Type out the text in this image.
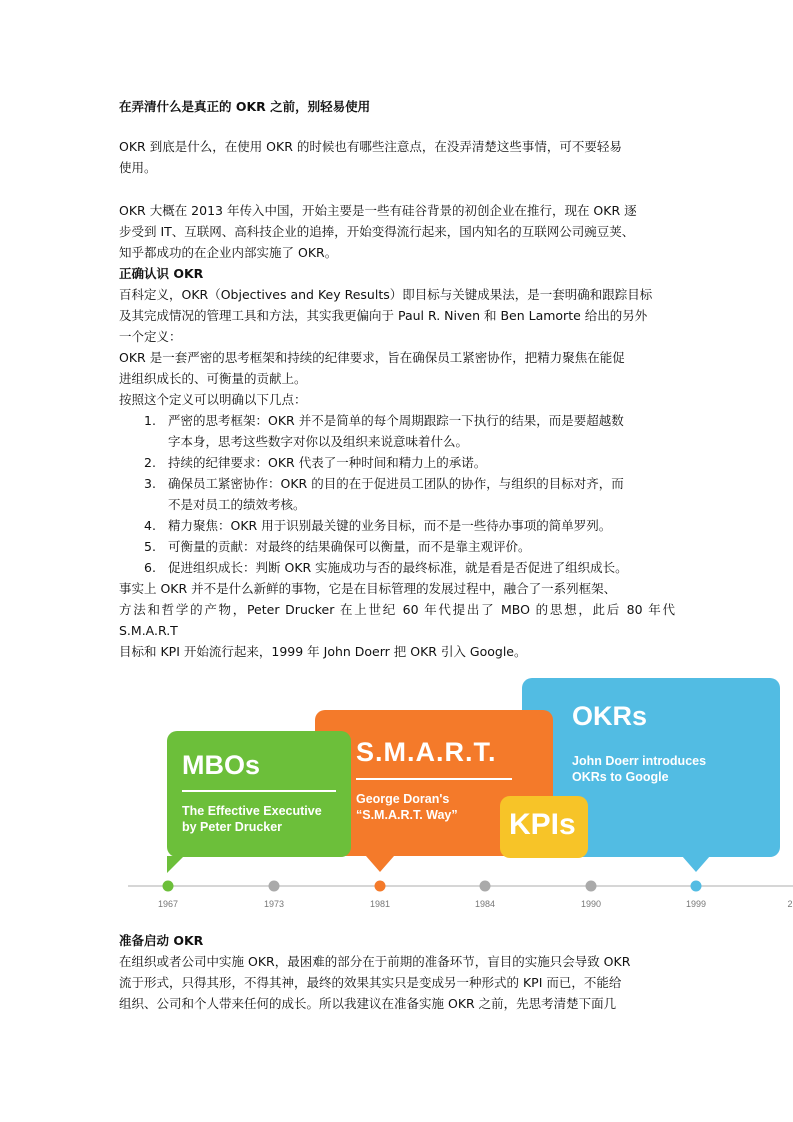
在弄清什么是真正的 OKR 之前，别轻易使用

OKR 到底是什么，在使用 OKR 的时候也有哪些注意点，在没弄清楚这些事情，可不要轻易

使用。

OKR 大概在 2013 年传入中国，开始主要是一些有硅谷背景的初创企业在推行，现在 OKR 逐

步受到 IT、互联网、高科技企业的追捧，开始变得流行起来，国内知名的互联网公司豌豆荚、

知乎都成功的在企业内部实施了 OKR。

正确认识 OKR

百科定义，OKR（Objectives and Key Results）即目标与关键成果法，是一套明确和跟踪目标

及其完成情况的管理工具和方法，其实我更偏向于 Paul R. Niven 和 Ben Lamorte 给出的另外

一个定义：

OKR 是一套严密的思考框架和持续的纪律要求，旨在确保员工紧密协作，把精力聚焦在能促

进组织成长的、可衡量的贡献上。

按照这个定义可以明确以下几点：

1. 严密的思考框架：OKR 并不是简单的每个周期跟踪一下执行的结果，而是要超越数
字本身，思考这些数字对你以及组织来说意味着什么。
2. 持续的纪律要求：OKR 代表了一种时间和精力上的承诺。
3. 确保员工紧密协作：OKR 的目的在于促进员工团队的协作，与组织的目标对齐，而
不是对员工的绩效考核。
4. 精力聚焦：OKR 用于识别最关键的业务目标，而不是一些待办事项的简单罗列。
5. 可衡量的贡献：对最终的结果确保可以衡量，而不是靠主观评价。
6. 促进组织成长：判断 OKR 实施成功与否的最终标准，就是看是否促进了组织成长。

事实上 OKR 并不是什么新鲜的事物，它是在目标管理的发展过程中，融合了一系列框架、

方法和哲学的产物，Peter Drucker 在上世纪 60 年代提出了 MBO 的思想，此后 80 年代 S.M.A.R.T

目标和 KPI 开始流行起来，1999 年 John Doerr 把 OKR 引入 Google。

OKRs
John Doerr introduces
OKRs to Google
S.M.A.R.T.
George Doran's
“S.M.A.R.T. Way”
MBOs
The Effective Executive
by Peter Drucker	KPIs
1967	1973	1981	1984	1990	1999	2
准备启动 OKR

在组织或者公司中实施 OKR，最困难的部分在于前期的准备环节，盲目的实施只会导致 OKR

流于形式，只得其形，不得其神，最终的效果其实只是变成另一种形式的 KPI 而已，不能给

组织、公司和个人带来任何的成长。所以我建议在准备实施 OKR 之前，先思考清楚下面几
